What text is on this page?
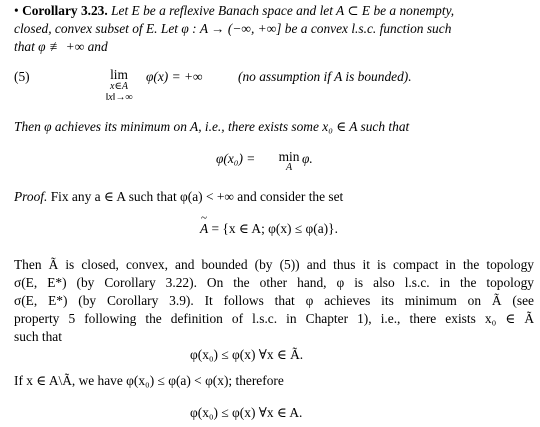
• Corollary 3.23. Let E be a reflexive Banach space and let A ⊂ E be a nonempty,
closed, convex subset of E. Let φ : A → (−∞, +∞] be a convex l.s.c. function such
that φ ≢ +∞ and
(5)	lim
x∈A
‖x‖→∞
φ(x) = +∞	(no assumption if A is bounded).
Then φ achieves its minimum on A, i.e., there exists some x₀ ∈ A such that
φ(x₀) = min
A
φ.
Proof. Fix any a ∈ A such that φ(a) < +∞ and consider the set
~ A = {x ∈ A; φ(x) ≤ φ(a)}.
Then Ã is closed, convex, and bounded (by (5)) and thus it is compact in the topology
σ(E, E*) (by Corollary 3.22). On the other hand, φ is also l.s.c. in the topology
σ(E, E*) (by Corollary 3.9). It follows that φ achieves its minimum on Ã (see
property 5 following the definition of l.s.c. in Chapter 1), i.e., there exists x₀ ∈ Ã
such that
φ(x₀) ≤ φ(x) ∀x ∈ Ã.
If x ∈ A\Ã, we have φ(x₀) ≤ φ(a) < φ(x); therefore
φ(x₀) ≤ φ(x) ∀x ∈ A.
